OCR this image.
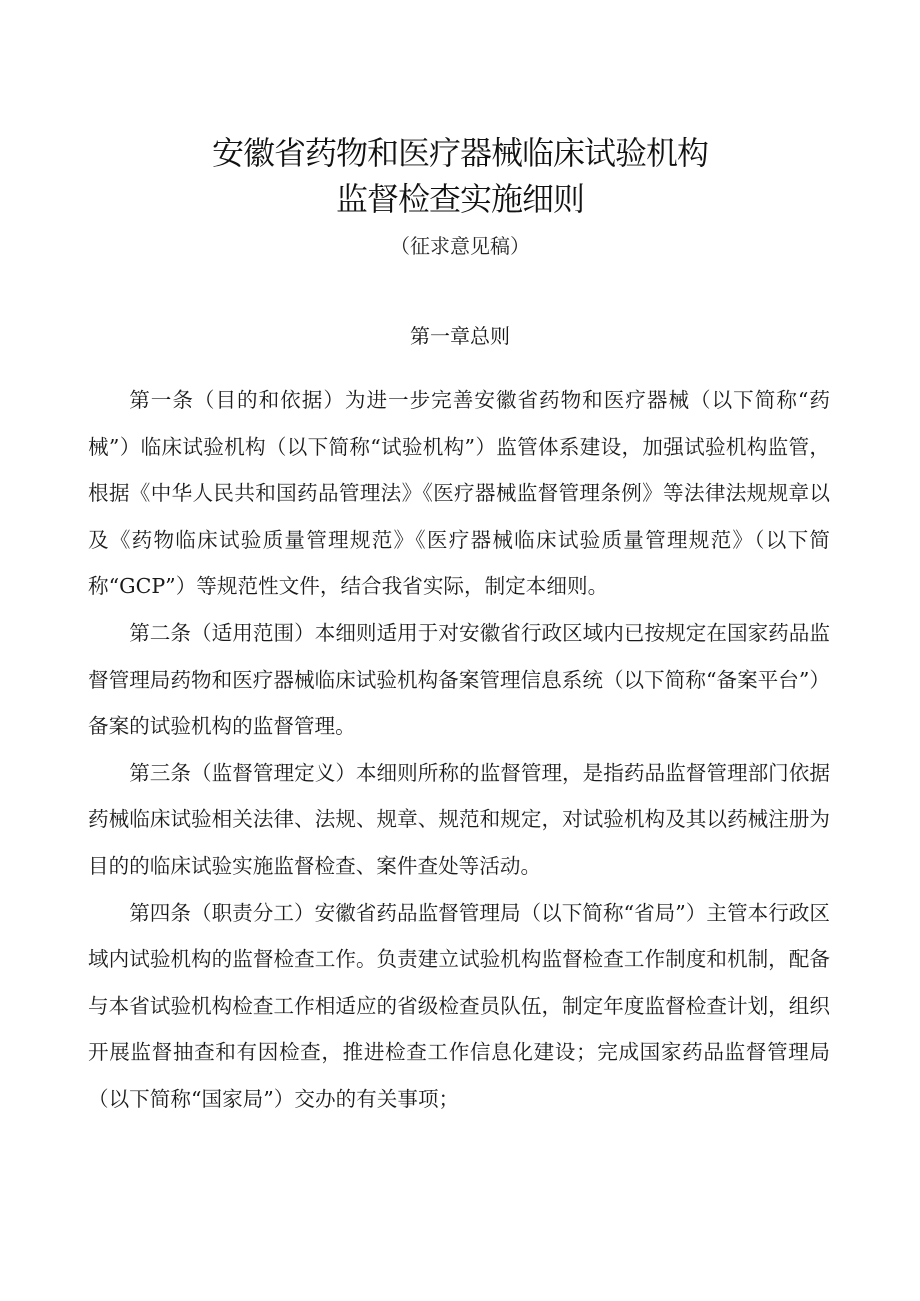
安徽省药物和医疗器械临床试验机构
监督检查实施细则
（征求意见稿）
第一章总则

第一条（目的和依据）为进一步完善安徽省药物和医疗器械（以下简称“药械”）临床试验机构（以下简称“试验机构”）监管体系建设，加强试验机构监管，根据《中华人民共和国药品管理法》《医疗器械监督管理条例》等法律法规规章以及《药物临床试验质量管理规范》《医疗器械临床试验质量管理规范》（以下简称“GCP”）等规范性文件，结合我省实际，制定本细则。

第二条（适用范围）本细则适用于对安徽省行政区域内已按规定在国家药品监督管理局药物和医疗器械临床试验机构备案管理信息系统（以下简称“备案平台”）备案的试验机构的监督管理。

第三条（监督管理定义）本细则所称的监督管理，是指药品监督管理部门依据药械临床试验相关法律、法规、规章、规范和规定，对试验机构及其以药械注册为目的的临床试验实施监督检查、案件查处等活动。

第四条（职责分工）安徽省药品监督管理局（以下简称“省局”）主管本行政区域内试验机构的监督检查工作。负责建立试验机构监督检查工作制度和机制，配备与本省试验机构检查工作相适应的省级检查员队伍，制定年度监督检查计划，组织开展监督抽查和有因检查，推进检查工作信息化建设；完成国家药品监督管理局（以下简称“国家局”）交办的有关事项；
